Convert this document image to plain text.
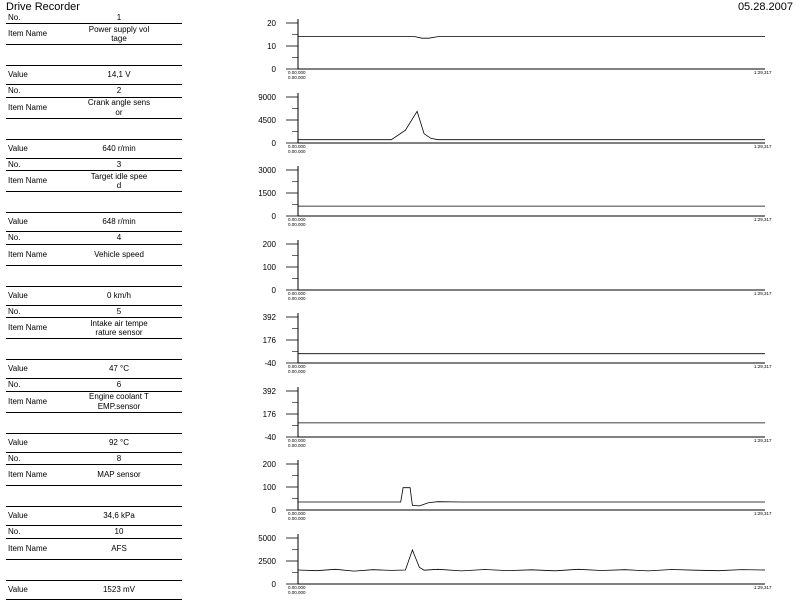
Drive Recorder	05.28.2007
No.	1
Item Name
Power supply vol
tage
Value	14,1 V
20
10
0	0.00.000
0.00.000
1:29,317
No.	2
Item Name
Crank angle sens
or
Value	640 r/min
9000
4500
0	0.00.000
0.00.000
1:29,317
No.	3
Item Name
Target idle spee
d
Value	648 r/min
3000
1500
0	0.00.000
0.00.000
1:29,317
No.	4
Item Name	Vehicle speed
Value	0 km/h
200
100
0	0.00.000
0.00.000
1:29,317
No.	5
Item Name
Intake air tempe
rature sensor
Value	47 °C
392
176
-40	0.00.000
0.00.000
1:29,317
No.	6
Item Name
Engine coolant T
EMP.sensor
Value	92 °C
392
176
-40	0.00.000
0.00.000
1:29,317
No.	8
Item Name	MAP sensor
Value	34,6 kPa
200
100
0	0.00.000
0.00.000
1:29,317
No.	10
Item Name	AFS
Value	1523 mV
5000
2500
0	0.00.000
0.00.000
1:29,317
